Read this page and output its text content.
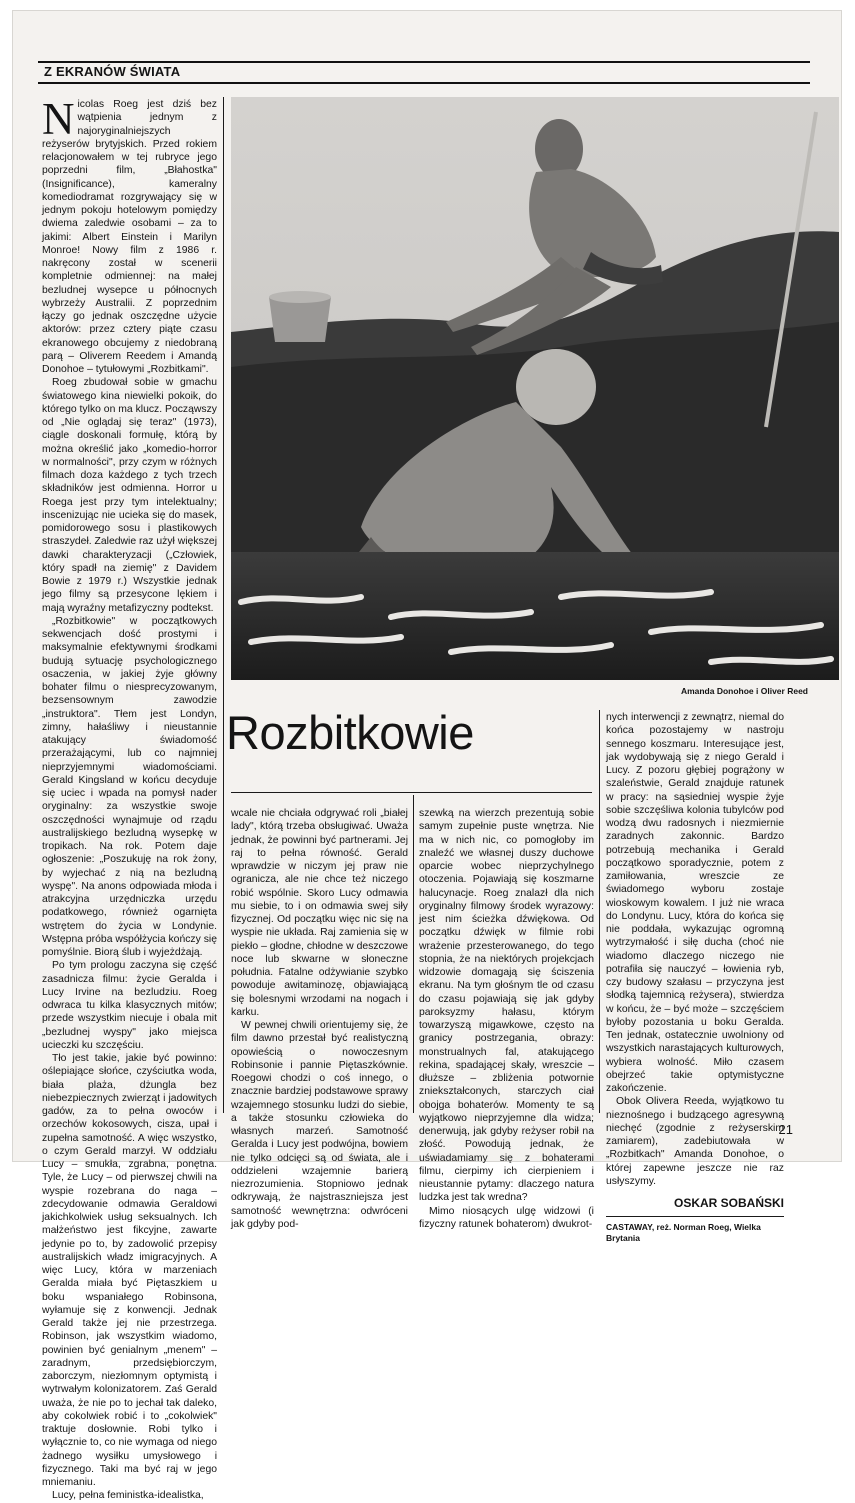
Z EKRANÓW ŚWIATA

Nicolas Roeg jest dziś bez wątpienia jednym z najoryginalniejszych reżyserów brytyjskich. Przed rokiem relacjonowałem w tej rubryce jego poprzedni film, „Błahostka" (Insignificance), kameralny komediodramat rozgrywający się w jednym pokoju hotelowym pomiędzy dwiema zaledwie osobami – za to jakimi: Albert Einstein i Marilyn Monroe! Nowy film z 1986 r. nakręcony został w scenerii kompletnie odmiennej: na małej bezludnej wysepce u północnych wybrzeży Australii. Z poprzednim łączy go jednak oszczędne użycie aktorów: przez cztery piąte czasu ekranowego obcujemy z niedobraną parą – Oliverem Reedem i Amandą Donohoe – tytułowymi „Rozbitkami".

Roeg zbudował sobie w gmachu światowego kina niewielki pokoik, do którego tylko on ma klucz. Począwszy od „Nie oglądaj się teraz" (1973), ciągle doskonali formułę, którą by można określić jako „komedio-horror w normalności", przy czym w różnych filmach doza każdego z tych trzech składników jest odmienna. Horror u Roega jest przy tym intelektualny; inscenizując nie ucieka się do masek, pomidorowego sosu i plastikowych straszydeł. Zaledwie raz użył większej dawki charakteryzacji („Człowiek, który spadł na ziemię" z Davidem Bowie z 1979 r.) Wszystkie jednak jego filmy są przesycone lękiem i mają wyraźny metafizyczny podtekst.

„Rozbitkowie" w początkowych sekwencjach dość prostymi i maksymalnie efektywnymi środkami budują sytuację psychologicznego osaczenia, w jakiej żyje główny bohater filmu o niesprecyzowanym, bezsensownym zawodzie „instruktora". Tłem jest Londyn, zimny, hałaśliwy i nieustannie atakujący świadomość przerażającymi, lub co najmniej nieprzyjemnymi wiadomościami. Gerald Kingsland w końcu decyduje się uciec i wpada na pomysł nader oryginalny: za wszystkie swoje oszczędności wynajmuje od rządu australijskiego bezludną wysepkę w tropikach. Na rok. Potem daje ogłoszenie: „Poszukuję na rok żony, by wyjechać z nią na bezludną wyspę". Na anons odpowiada młoda i atrakcyjna urzędniczka urzędu podatkowego, również ogarnięta wstrętem do życia w Londynie. Wstępna próba współżycia kończy się pomyślnie. Biorą ślub i wyjeżdżają.

Po tym prologu zaczyna się część zasadnicza filmu: życie Geralda i Lucy Irvine na bezludziu. Roeg odwraca tu kilka klasycznych mitów; przede wszystkim niecuje i obala mit „bezludnej wyspy" jako miejsca ucieczki ku szczęściu.

Tło jest takie, jakie być powinno: oślepiające słońce, czyściutka woda, biała plaża, dżungla bez niebezpiecznych zwierząt i jadowitych gadów, za to pełna owoców i orzechów kokosowych, cisza, upał i zupełna samotność. A więc wszystko, o czym Gerald marzył. W oddziału Lucy – smukła, zgrabna, ponętna. Tyle, że Lucy – od pierwszej chwili na wyspie rozebrana do naga – zdecydowanie odmawia Geraldowi jakichkolwiek usług seksualnych. Ich małżeństwo jest fikcyjne, zawarte jedynie po to, by zadowolić przepisy australijskich władz imigracyjnych. A więc Lucy, która w marzeniach Geralda miała być Piętaszkiem u boku wspaniałego Robinsona, wyłamuje się z konwencji. Jednak Gerald także jej nie przestrzega. Robinson, jak wszystkim wiadomo, powinien być genialnym „menem" – zaradnym, przedsiębiorczym, zaborczym, niezłomnym optymistą i wytrwałym kolonizatorem. Zaś Gerald uważa, że nie po to jechał tak daleko, aby cokolwiek robić i to „cokolwiek" traktuje dosłownie. Robi tylko i wyłącznie to, co nie wymaga od niego żadnego wysiłku umysłowego i fizycznego. Taki ma być raj w jego mniemaniu.

Lucy, pełna feministka-idealistka,

Amanda Donohoe i Oliver Reed
Rozbitkowie

wcale nie chciała odgrywać roli „białej lady", którą trzeba obsługiwać. Uważa jednak, że powinni być partnerami. Jej raj to pełna równość. Gerald wprawdzie w niczym jej praw nie ogranicza, ale nie chce też niczego robić wspólnie. Skoro Lucy odmawia mu siebie, to i on odmawia swej siły fizycznej. Od początku więc nic się na wyspie nie układa. Raj zamienia się w piekło – głodne, chłodne w deszczowe noce lub skwarne w słoneczne południa. Fatalne odżywianie szybko powoduje awitaminozę, objawiającą się bolesnymi wrzodami na nogach i karku.

W pewnej chwili orientujemy się, że film dawno przestał być realistyczną opowieścią o nowoczesnym Robinsonie i pannie Piętaszkównie. Roegowi chodzi o coś innego, o znacznie bardziej podstawowe sprawy wzajemnego stosunku ludzi do siebie, a także stosunku człowieka do własnych marzeń. Samotność Geralda i Lucy jest podwójna, bowiem nie tylko odcięci są od świata, ale i oddzieleni wzajemnie barierą niezrozumienia. Stopniowo jednak odkrywają, że najstraszniejsza jest samotność wewnętrzna: odwróceni jak gdyby pod-

szewką na wierzch prezentują sobie samym zupełnie puste wnętrza. Nie ma w nich nic, co pomogłoby im znaleźć we własnej duszy duchowe oparcie wobec nieprzychylnego otoczenia. Pojawiają się koszmarne halucynacje. Roeg znalazł dla nich oryginalny filmowy środek wyrazowy: jest nim ścieżka dźwiękowa. Od początku dźwięk w filmie robi wrażenie przesterowanego, do tego stopnia, że na niektórych projekcjach widzowie domagają się ściszenia ekranu. Na tym głośnym tle od czasu do czasu pojawiają się jak gdyby paroksyzmy hałasu, którym towarzyszą migawkowe, często na granicy postrzegania, obrazy: monstrualnych fal, atakującego rekina, spadającej skały, wreszcie – dłuższe – zbliżenia potwornie zniekształconych, starczych ciał obojga bohaterów. Momenty te są wyjątkowo nieprzyjemne dla widza; denerwują, jak gdyby reżyser robił na złość. Powodują jednak, że uświadamiamy się z bohaterami filmu, cierpimy ich cierpieniem i nieustannie pytamy: dlaczego natura ludzka jest tak wredna?

Mimo niosących ulgę widzowi (i fizyczny ratunek bohaterom) dwukrot-

nych interwencji z zewnątrz, niemal do końca pozostajemy w nastroju sennego koszmaru. Interesujące jest, jak wydobywają się z niego Gerald i Lucy. Z pozoru głębiej pogrążony w szaleństwie, Gerald znajduje ratunek w pracy: na sąsiedniej wyspie żyje sobie szczęśliwa kolonia tubylców pod wodzą dwu radosnych i niezmiernie zaradnych zakonnic. Bardzo potrzebują mechanika i Gerald początkowo sporadycznie, potem z zamiłowania, wreszcie ze świadomego wyboru zostaje wioskowym kowalem. I już nie wraca do Londynu. Lucy, która do końca się nie poddała, wykazując ogromną wytrzymałość i siłę ducha (choć nie wiadomo dlaczego niczego nie potrafiła się nauczyć – łowienia ryb, czy budowy szałasu – przyczyna jest słodką tajemnicą reżysera), stwierdza w końcu, że – być może – szczęściem byłoby pozostania u boku Geralda. Ten jednak, ostatecznie uwolniony od wszystkich narastających kulturowych, wybiera wolność. Miło czasem obejrzeć takie optymistyczne zakończenie.

Obok Olivera Reeda, wyjątkowo tu nieznośnego i budzącego agresywną niechęć (zgodnie z reżyserskim zamiarem), zadebiutowała w „Rozbitkach" Amanda Donohoe, o której zapewne jeszcze nie raz usłyszymy.

OSKAR SOBAŃSKI
CASTAWAY, reż. Norman Roeg, Wielka Brytania
21
